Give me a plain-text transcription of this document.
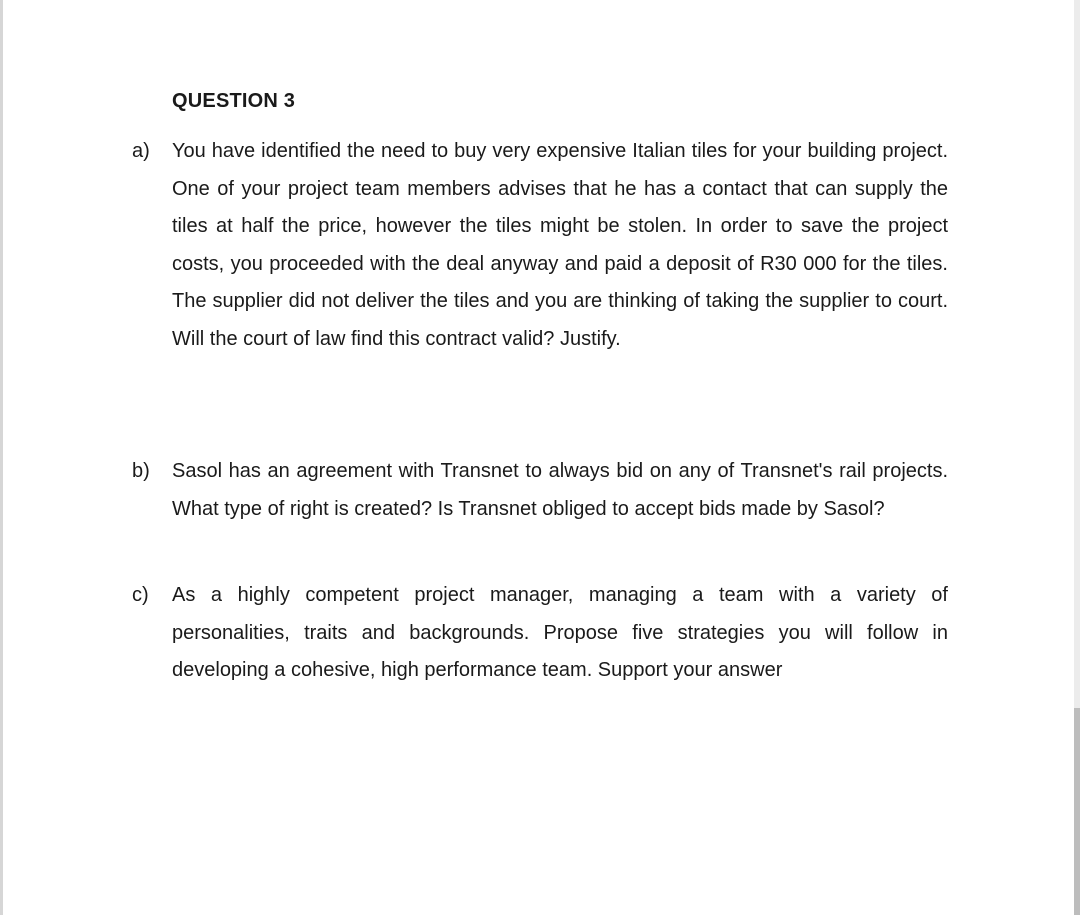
QUESTION 3
a) You have identified the need to buy very expensive Italian tiles for your building project. One of your project team members advises that he has a contact that can supply the tiles at half the price, however the tiles might be stolen. In order to save the project costs, you proceeded with the deal anyway and paid a deposit of R30 000 for the tiles. The supplier did not deliver the tiles and you are thinking of taking the supplier to court. Will the court of law find this contract valid? Justify.
b) Sasol has an agreement with Transnet to always bid on any of Transnet's rail projects. What type of right is created? Is Transnet obliged to accept bids made by Sasol?
c) As a highly competent project manager, managing a team with a variety of personalities, traits and backgrounds. Propose five strategies you will follow in developing a cohesive, high performance team. Support your answer
